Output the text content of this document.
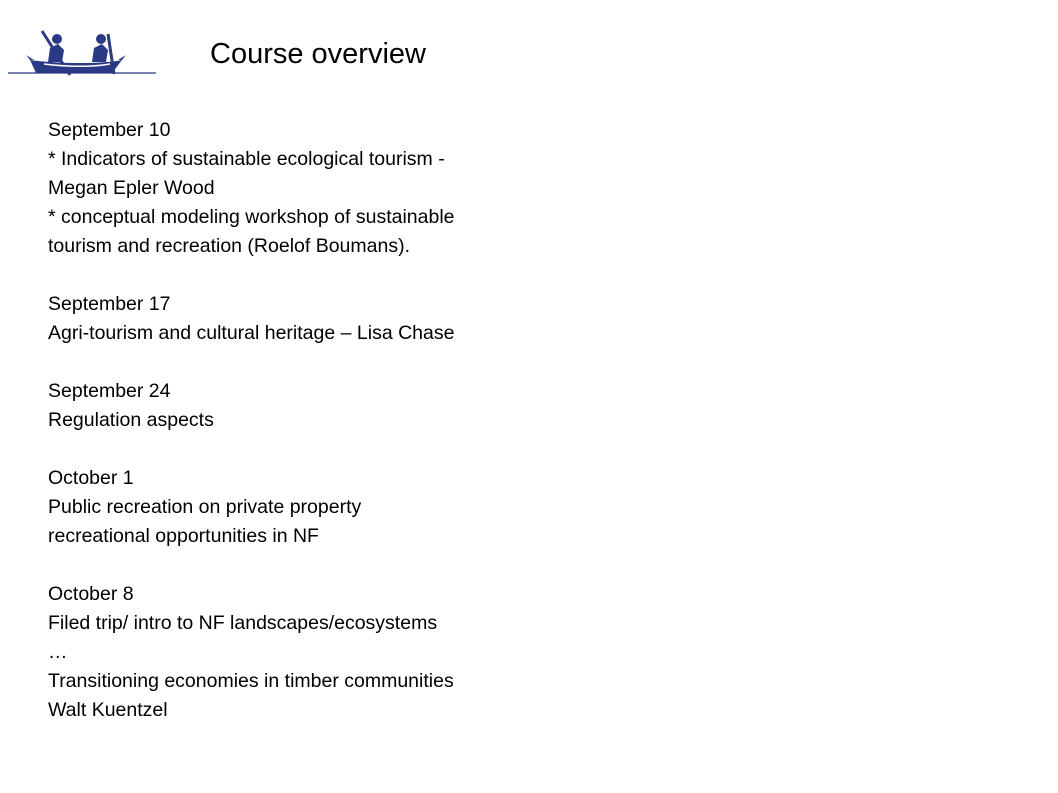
Course overview
September 10
* Indicators of sustainable ecological tourism -
Megan Epler Wood
* conceptual modeling workshop of sustainable
tourism and recreation (Roelof Boumans).
September 17
Agri-tourism and cultural heritage – Lisa Chase
September 24
Regulation aspects
October 1
Public recreation on private property
recreational opportunities in NF
October 8
Filed trip/ intro to NF landscapes/ecosystems
…
Transitioning economies in timber communities
Walt Kuentzel
